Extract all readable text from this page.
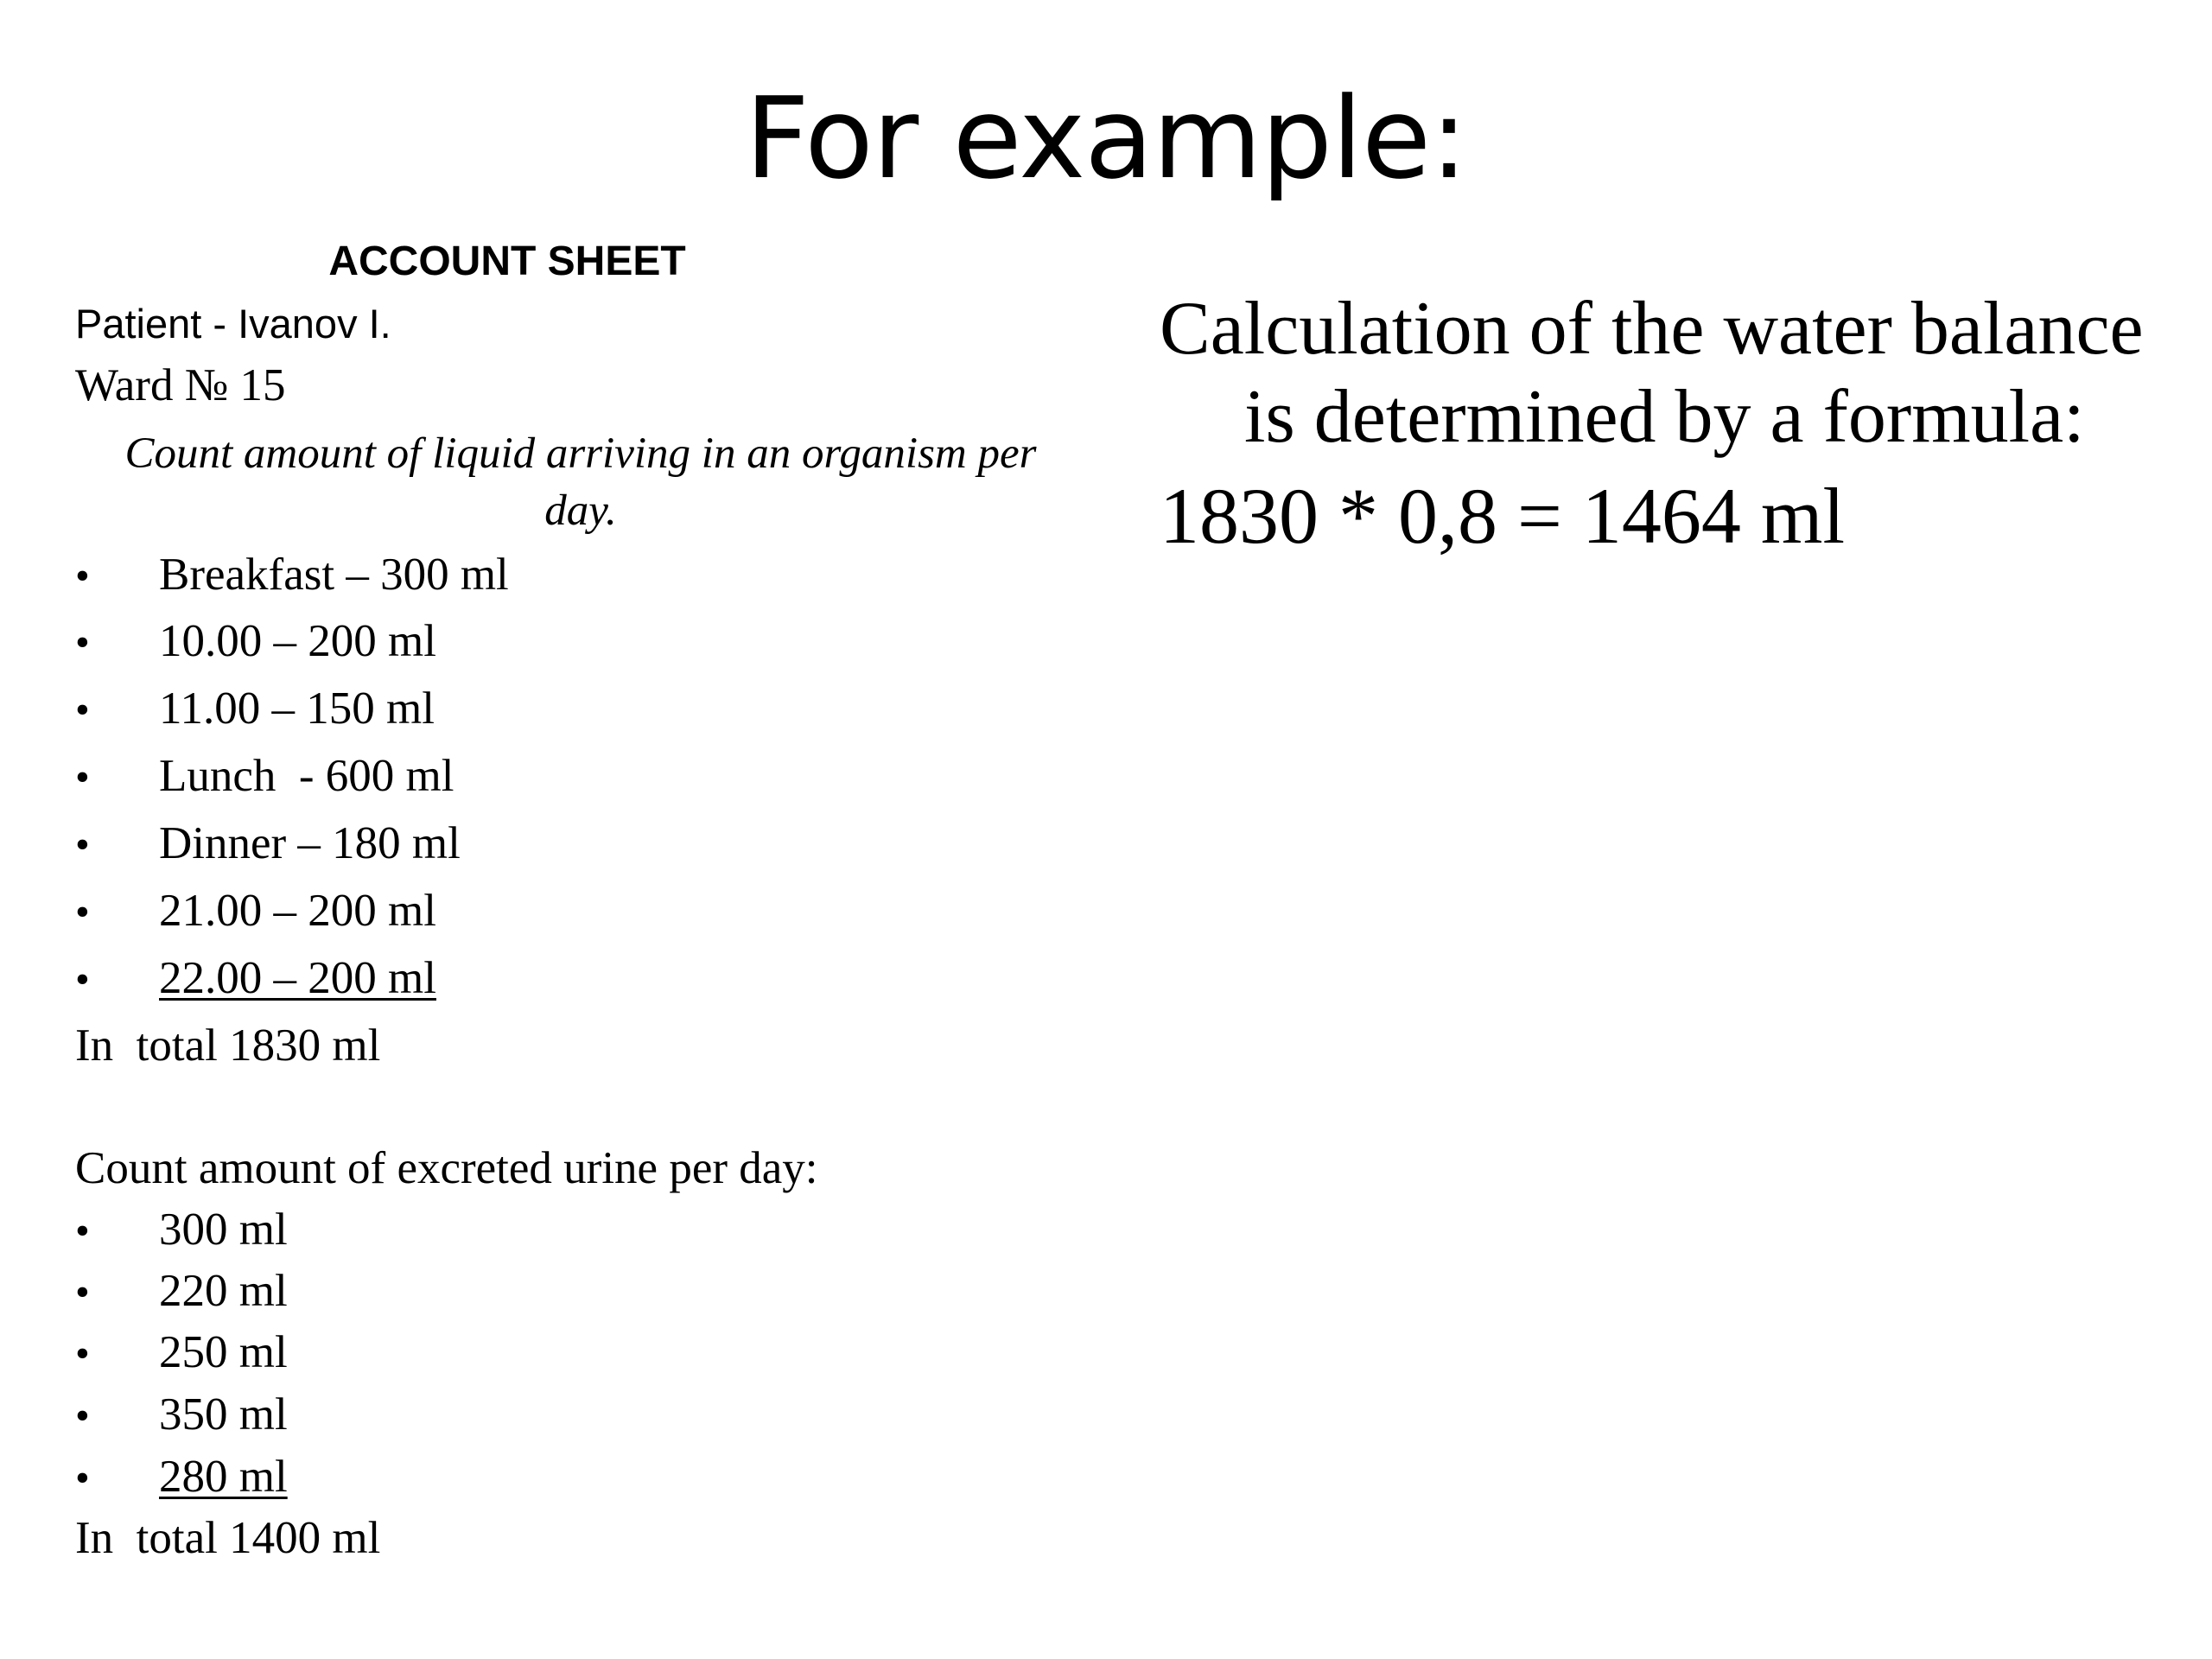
For example:
ACCOUNT SHEET
Patient - Ivanov I.
Ward № 15
Count amount of liquid arriving in an organism per
day.
• Breakfast – 300 ml
• 10.00 – 200 ml
• 11.00 – 150 ml
• Lunch  - 600 ml
• Dinner – 180 ml
• 21.00 – 200 ml
• 22.00 – 200 ml
In  total 1830 ml
Count amount of excreted urine per day:
• 300 ml
• 220 ml
• 250 ml
• 350 ml
• 280 ml
In  total 1400 ml

Calculation of the water balance is determined by a formula:

1830 * 0,8 = 1464 ml
